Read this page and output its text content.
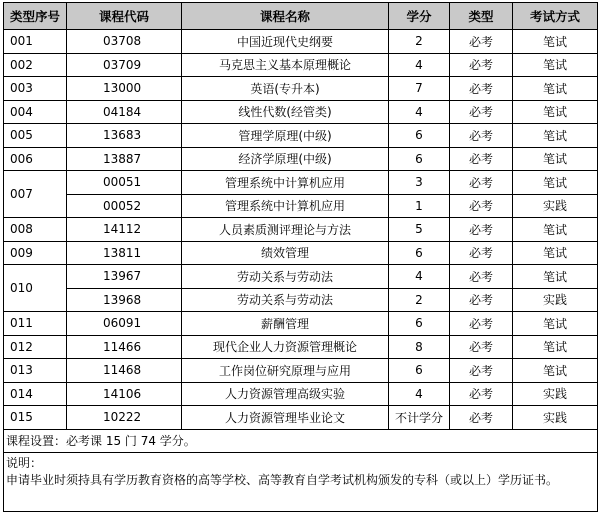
类型序号	课程代码	课程名称	学分	类型	考试方式
001	03708	中国近现代史纲要	2	必考	笔试
002	03709	马克思主义基本原理概论	4	必考	笔试
003	13000	英语(专升本)	7	必考	笔试
004	04184	线性代数(经管类)	4	必考	笔试
005	13683	管理学原理(中级)	6	必考	笔试
006	13887	经济学原理(中级)	6	必考	笔试
007	00051	管理系统中计算机应用	3	必考	笔试
	00052	管理系统中计算机应用	1	必考	实践
008	14112	人员素质测评理论与方法	5	必考	笔试
009	13811	绩效管理	6	必考	笔试
010	13967	劳动关系与劳动法	4	必考	笔试
	13968	劳动关系与劳动法	2	必考	实践
011	06091	薪酬管理	6	必考	笔试
012	11466	现代企业人力资源管理概论	8	必考	笔试
013	11468	工作岗位研究原理与应用	6	必考	笔试
014	14106	人力资源管理高级实验	4	必考	实践
015	10222	人力资源管理毕业论文	不计学分	必考	实践
课程设置：必考课 15 门 74 学分。					

说明：
申请毕业时须持具有学历教育资格的高等学校、高等教育自学考试机构颁发的专科（或以上）学历证书。					
